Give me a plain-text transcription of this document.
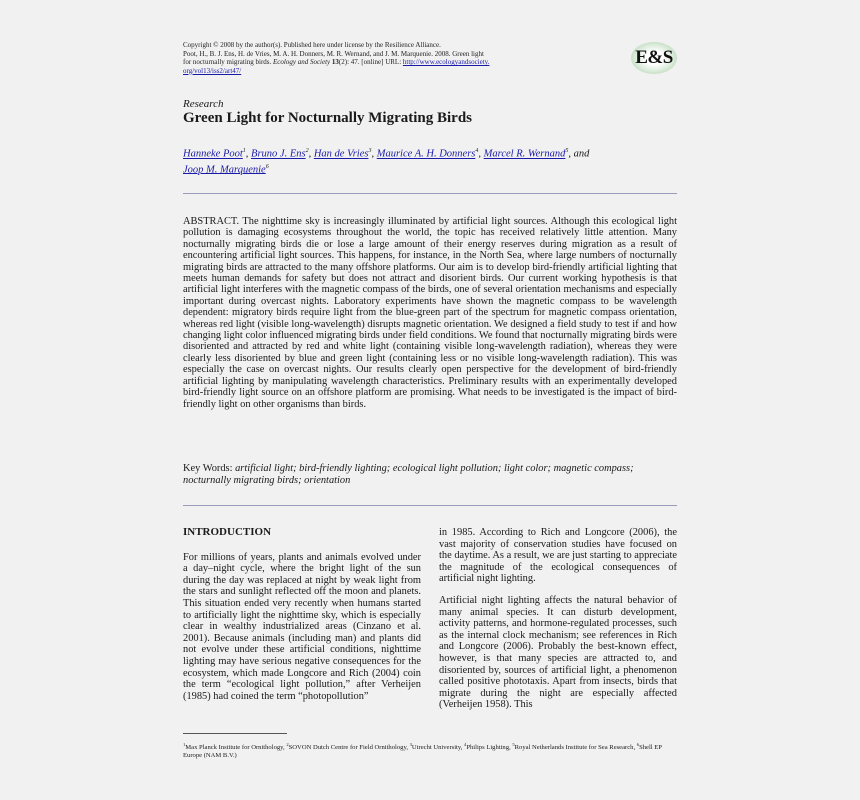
Copyright © 2008 by the author(s). Published here under license by the Resilience Alliance.
Poot, H., B. J. Ens, H. de Vries, M. A. H. Donners, M. R. Wernand, and J. M. Marquenie. 2008. Green light
for nocturnally migrating birds. Ecology and Society 13(2): 47. [online] URL: http://www.ecologyandsociety.
org/vol13/iss2/art47/
E&S
Research
Green Light for Nocturnally Migrating Birds
Hanneke Poot$^1$, Bruno J. Ens$^2$, Han de Vries$^3$, Maurice A. H. Donners$^4$, Marcel R. Wernand$^5$, and
Joop M. Marquenie$^6$

ABSTRACT. The nighttime sky is increasingly illuminated by artificial light sources. Although this ecological light pollution is damaging ecosystems throughout the world, the topic has received relatively little attention. Many nocturnally migrating birds die or lose a large amount of their energy reserves during migration as a result of encountering artificial light sources. This happens, for instance, in the North Sea, where large numbers of nocturnally migrating birds are attracted to the many offshore platforms. Our aim is to develop bird-friendly artificial lighting that meets human demands for safety but does not attract and disorient birds. Our current working hypothesis is that artificial light interferes with the magnetic compass of the birds, one of several orientation mechanisms and especially important during overcast nights. Laboratory experiments have shown the magnetic compass to be wavelength dependent: migratory birds require light from the blue-green part of the spectrum for magnetic compass orientation, whereas red light (visible long-wavelength) disrupts magnetic orientation. We designed a field study to test if and how changing light color influenced migrating birds under field conditions. We found that nocturnally migrating birds were disoriented and attracted by red and white light (containing visible long-wavelength radiation), whereas they were clearly less disoriented by blue and green light (containing less or no visible long-wavelength radiation). This was especially the case on overcast nights. Our results clearly open perspective for the development of bird-friendly artificial lighting by manipulating wavelength characteristics. Preliminary results with an experimentally developed bird-friendly light source on an offshore platform are promising. What needs to be investigated is the impact of bird-friendly light on other organisms than birds.

Key Words: artificial light; bird-friendly lighting; ecological light pollution; light color; magnetic compass; nocturnally migrating birds; orientation

INTRODUCTION

For millions of years, plants and animals evolved under a day–night cycle, where the bright light of the sun during the day was replaced at night by weak light from the stars and sunlight reflected off the moon and planets. This situation ended very recently when humans started to artificially light the nighttime sky, which is especially clear in wealthy industrialized areas (Cinzano et al. 2001). Because animals (including man) and plants did not evolve under these artificial conditions, nighttime lighting may have serious negative consequences for the ecosystem, which made Longcore and Rich (2004) coin the term “ecological light pollution,” after Verheijen (1985) had coined the term “photopollution”

in 1985. According to Rich and Longcore (2006), the vast majority of conservation studies have focused on the daytime. As a result, we are just starting to appreciate the magnitude of the ecological consequences of artificial night lighting.

Artificial night lighting affects the natural behavior of many animal species. It can disturb development, activity patterns, and hormone-regulated processes, such as the internal clock mechanism; see references in Rich and Longcore (2006). Probably the best-known effect, however, is that many species are attracted to, and disoriented by, sources of artificial light, a phenomenon called positive phototaxis. Apart from insects, birds that migrate during the night are especially affected (Verheijen 1958). This

$^1$Max Planck Institute for Ornithology, $^2$SOVON Dutch Centre for Field Ornithology, $^3$Utrecht University, $^4$Philips Lighting, $^5$Royal Netherlands Institute for Sea Research, $^6$Shell EP Europe (NAM B.V.)
